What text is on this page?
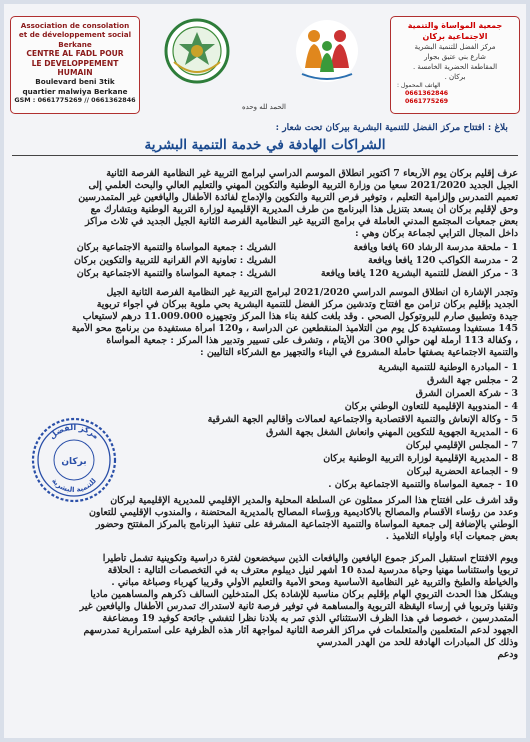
Association de consolation
et de développement social
Berkane
CENTRE AL FADL POUR
LE DEVELOPPEMENT
HUMAIN
Boulevard beni 3tik
quartier malwiya Berkane
GSM : 0661775269 // 0661362846
جمعية المواساة والتنمية
الاجتماعية بركان
مركز الفضل للتنمية البشرية
شارع بني عتيق بجوار
المقاطعة الحضرية الخامسة .
بركان .
الهاتف المحمول :
0661362846
0661775269
الحمد لله وحده
بلاغ : افتتاح مركز الفضل للتنمية البشرية بيركان تحت شعار :
الشراكات الهادفة في خدمة التنمية البشرية
عرف إقليم بركان يوم الأربعاء 7 أكتوبر انطلاق الموسم الدراسي لبرامج التربية غير النظامية الفرصة الثانية
الجيل الجديد 2021/2020 سعيا من وزارة التربية الوطنية والتكوين المهني والتعليم العالي والبحث العلمي إلى
تعميم التمدرس وإلزامية التعليم ، وتوفير فرص التربية والتكوين والإدماج لفائدة الأطفال واليافعين غير المتمدرسين
وحق لإقليم بركان أن يسعد بتنزيل هذا البرنامج من طرف المديرية الإقليمية لوزارة التربية الوطنية وبتشارك مع
بعض جمعيات المجتمع المدني العاملة في برامج التربية غير النظامية الفرصة الثانية الجيل الجديد في ثلاث مراكز
داخل المجال الترابي لجماعة بركان وهي :
1 - ملحقة مدرسة الرشاد 60 يافعا ويافعة
الشريك : جمعية المواساة والتنمية الاجتماعية بركان
2 - مدرسة الكواكب 120 يافعا ويافعة
الشريك : تعاونية الام القرانية للتربية والتكوين بركان
3 - مركز الفضل للتنمية البشرية 120 يافعا ويافعة
الشريك : جمعية المواساة والتنمية الاجتماعية بركان
وتجدر الإشارة أن انطلاق الموسم الدراسي 2021/2020 لبرامج التربية غير النظامية الفرصة الثانية الجيل
الجديد بإقليم بركان تزامن مع افتتاح وتدشين مركز الفضل للتنمية البشرية بحي ملوية ببركان في أجواء تربوية
جيدة وتطبيق صارم للبروتوكول الصحي . وقد بلغت كلفة بناء هذا المركز وتجهيزه 11.009.000 درهم لاستيعاب
145 مستفيدا ومستفيدة كل يوم من التلاميذ المنقطعين عن الدراسة ، و120 امرأة مستفيدة من برنامج محو الأمية
، وكفالة 113 أرملة لهن حوالي 300 من الأيتام ، وتشرف على تسيير وتدبير هذا المركز : جمعية المواساة
والتنمية الاجتماعية بصفتها حاملة المشروع في البناء والتجهيز مع الشركاء التاليين :
1 - المبادرة الوطنية للتنمية البشرية
2 - مجلس جهة الشرق
3 - شركة العمران الشرق
4 - المندوبية الإقليمية للتعاون الوطني بركان
5 - وكالة الإنعاش والتنمية الاقتصادية والاجتماعية لعمالات وأقاليم الجهة الشرقية
6 - المديرية الجهوية للتكوين المهني وانعاش الشغل بجهة الشرق
7 - المجلس الإقليمي لبركان
8 - المديرية الإقليمية لوزارة التربية الوطنية بركان
9 - الجماعة الحضرية لبركان
10 - جمعية المواساة والتنمية الاجتماعية بركان .
مركز الفضل
بركان
للتنمية البشرية
وقد أشرف على افتتاح هذا المركز ممثلون عن السلطة المحلية والمدير الإقليمي للمديرية الإقليمية لبركان
وعدد من رؤساء الأقسام والمصالح بالأكاديمية ورؤساء المصالح بالمديرية المحتضنة ، والمندوب الإقليمي للتعاون
الوطني بالإضافة إلى جمعية المواساة والتنمية الاجتماعية المشرفة على تنفيذ البرنامج بالمركز المفتتح وحضور
بعض جمعيات آباء وأولياء التلاميذ .
ويوم الافتتاح استقبل المركز جموع اليافعين واليافعات الذين سيخضعون لفترة دراسية وتكوينية تشمل تأطيرا
تربويا واستئناسا مهنيا وحياة مدرسية لمدة 10 أشهر لنيل ديبلوم معترف به في التخصصات التالية : الحلاقة
والخياطة والطبخ والتربية غير النظامية الأساسية ومحو الأمية والتعليم الأولي وقريبا كهرباء وصباغة مباني .
ويشكل هذا الحدث التربوي الهام بإقليم بركان مناسبة للإشادة بكل المتدخلين السالف ذكرهم والمساهمين ماديا
وتقنيا وتربويا في إرساء اليقظة التربوية والمساهمة في توفير فرصة ثانية لاستدراك تمدرس الأطفال واليافعين غير
المتمدرسين ، خصوصا في هذا الظرف الاستثنائي الذي تمر به بلادنا نظرا لتفشي جائحة كوفيد 19 ومضاعفة
الجهود لدعم المتعلمين والمتعلمات في مراكز الفرصة الثانية لمواجهة آثار هذه الظرفية على استمرارية تمدرسهم
وذلك كل المبادرات الهادفة للحد من الهدر المدرسي
ودعم
